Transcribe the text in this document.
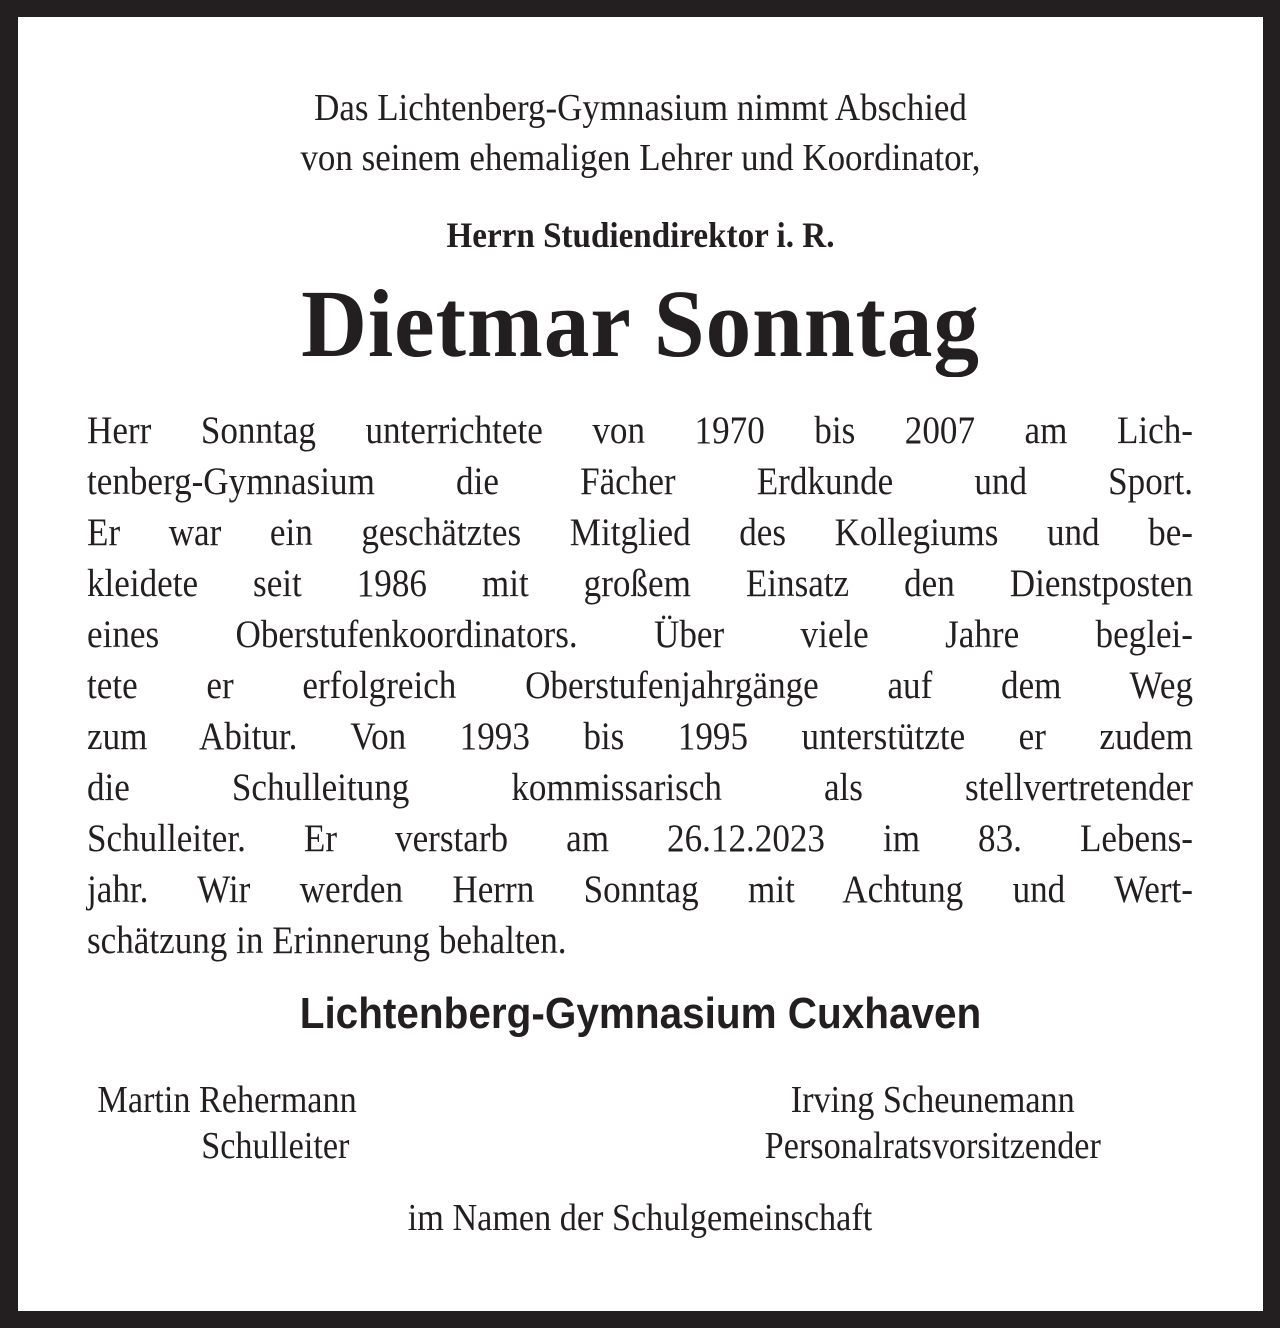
Das Lichtenberg-Gymnasium nimmt Abschied
von seinem ehemaligen Lehrer und Koordinator,
Herrn Studiendirektor i. R.
Dietmar Sonntag
Herr Sonntag unterrichtete von 1970 bis 2007 am Lich-
tenberg-Gymnasium die Fächer Erdkunde und Sport.
Er war ein geschätztes Mitglied des Kollegiums und be-
kleidete seit 1986 mit großem Einsatz den Dienstposten
eines Oberstufenkoordinators. Über viele Jahre beglei-
tete er erfolgreich Oberstufenjahrgänge auf dem Weg
zum Abitur. Von 1993 bis 1995 unterstützte er zudem
die Schulleitung kommissarisch als stellvertretender
Schulleiter. Er verstarb am 26.12.2023 im 83. Lebens-
jahr. Wir werden Herrn Sonntag mit Achtung und Wert-
schätzung in Erinnerung behalten.
Lichtenberg-Gymnasium Cuxhaven
Martin Rehermann
Schulleiter
Irving Scheunemann
Personalratsvorsitzender
im Namen der Schulgemeinschaft
